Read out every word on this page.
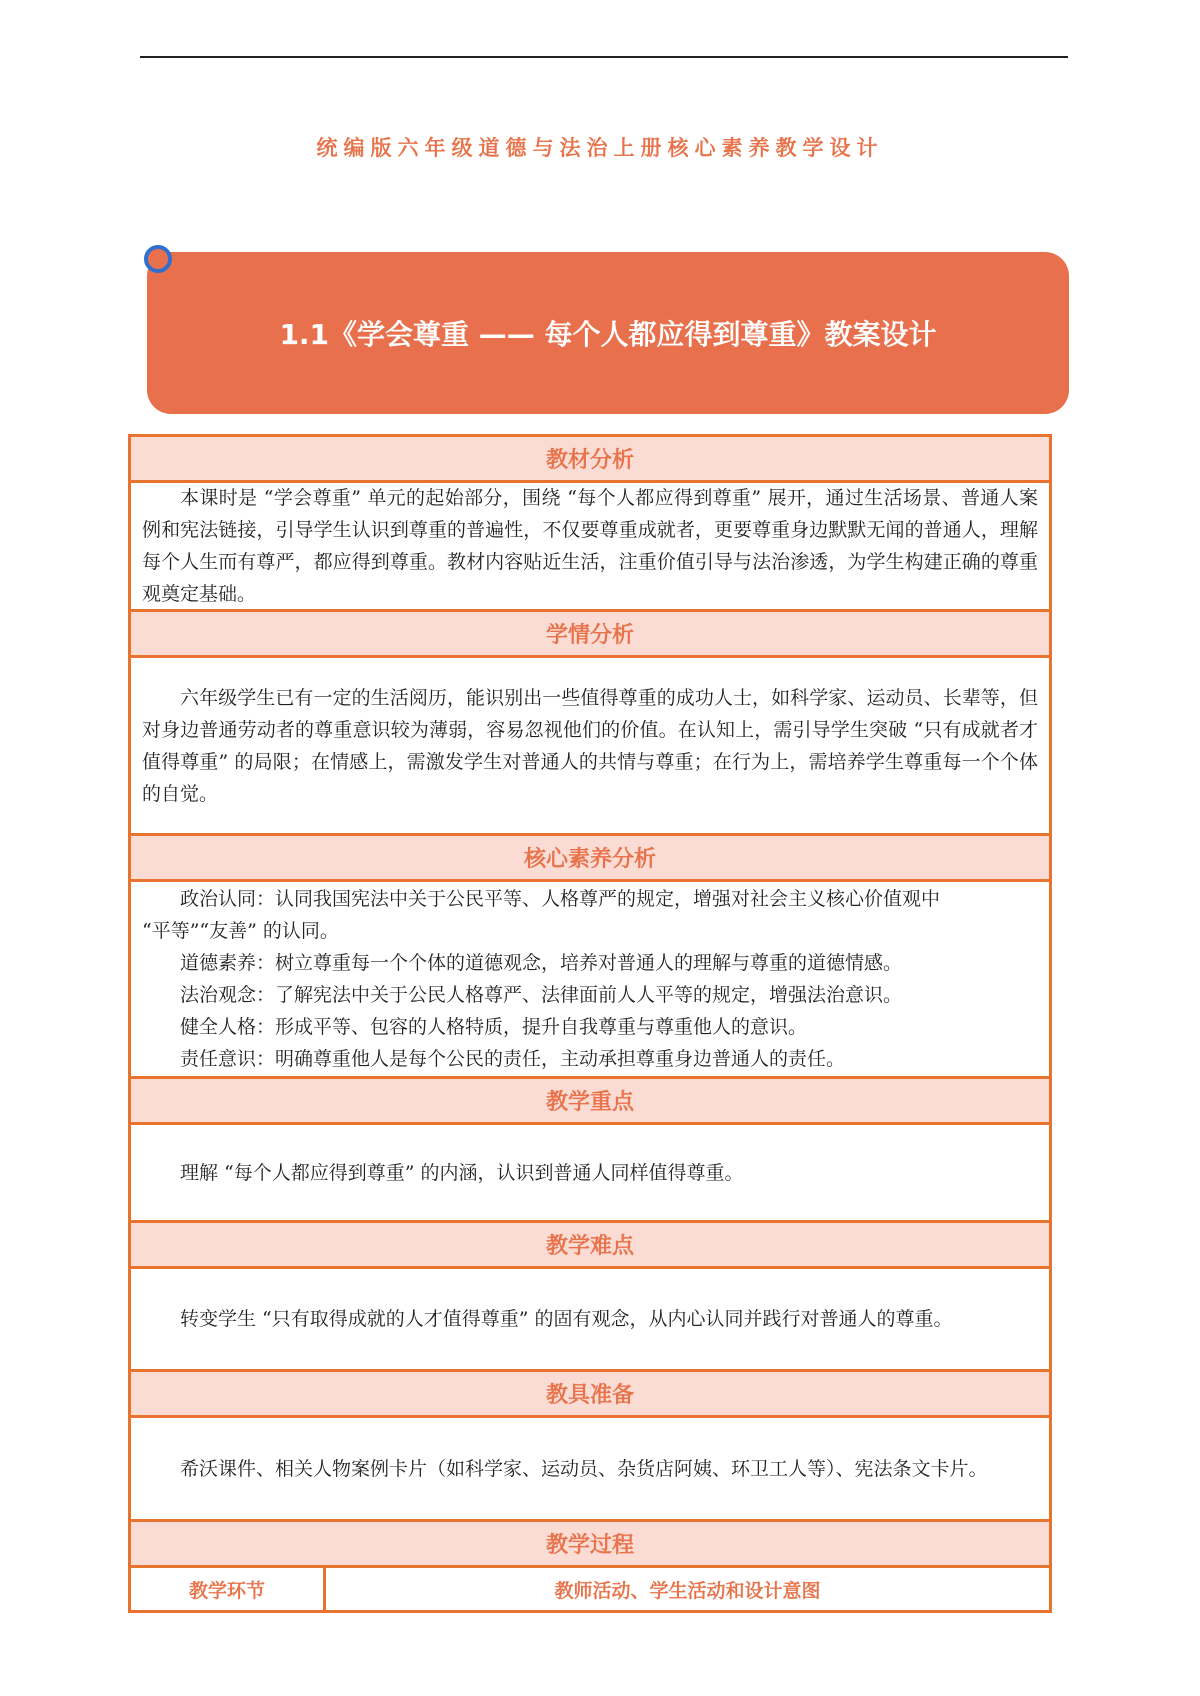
统编版六年级道德与法治上册核心素养教学设计
1.1《学会尊重 —— 每个人都应得到尊重》教案设计
教材分析

本课时是 “学会尊重” 单元的起始部分，围绕 “每个人都应得到尊重” 展开，通过生活场景、普通人案例和宪法链接，引导学生认识到尊重的普遍性，不仅要尊重成就者，更要尊重身边默默无闻的普通人，理解每个人生而有尊严，都应得到尊重。教材内容贴近生活，注重价值引导与法治渗透，为学生构建正确的尊重观奠定基础。

学情分析

六年级学生已有一定的生活阅历，能识别出一些值得尊重的成功人士，如科学家、运动员、长辈等，但对身边普通劳动者的尊重意识较为薄弱，容易忽视他们的价值。在认知上，需引导学生突破 “只有成就者才值得尊重” 的局限；在情感上，需激发学生对普通人的共情与尊重；在行为上，需培养学生尊重每一个个体的自觉。

核心素养分析

政治认同：认同我国宪法中关于公民平等、人格尊严的规定，增强对社会主义核心价值观中

“平等”“友善” 的认同。

道德素养：树立尊重每一个个体的道德观念，培养对普通人的理解与尊重的道德情感。

法治观念：了解宪法中关于公民人格尊严、法律面前人人平等的规定，增强法治意识。

健全人格：形成平等、包容的人格特质，提升自我尊重与尊重他人的意识。

责任意识：明确尊重他人是每个公民的责任，主动承担尊重身边普通人的责任。

教学重点

理解 “每个人都应得到尊重” 的内涵，认识到普通人同样值得尊重。

教学难点

转变学生 “只有取得成就的人才值得尊重” 的固有观念，从内心认同并践行对普通人的尊重。

教具准备

希沃课件、相关人物案例卡片（如科学家、运动员、杂货店阿姨、环卫工人等）、宪法条文卡片。

教学过程
教学环节	教师活动、学生活动和设计意图
